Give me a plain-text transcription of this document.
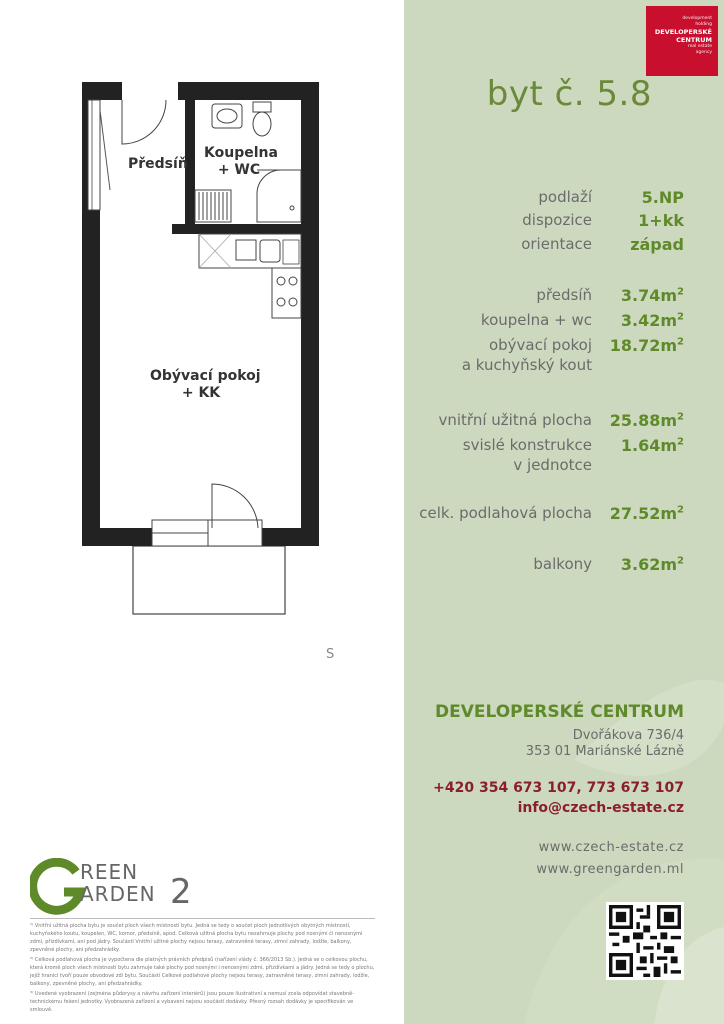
development
holding
DEVELOPERSKÉ
CENTRUM
real estate
agency
byt č. 5.8
podlaží	5.NP
dispozice	1+kk
orientace západ
předsíň $3.74m^2$
koupelna + wc $3.42m^2$
obývací pokoj
a kuchyňský kout
$18.72m^2$
vnitřní užitná plocha $25.88m^2$
svislé konstrukce
v jednotce
$1.64m^2$
celk. podlahová plocha $27.52m^2$
balkony $3.62m^2$
DEVELOPERSKÉ CENTRUM
Dvořákova 736/4
353 01 Mariánské Lázně
+420 354 673 107, 773 673 107
info@czech-estate.cz
www.czech-estate.cz
www.greengarden.ml
Předsíň
Koupelna
+ WC
Obývací pokoj
+ KK
S
REEN
ARDEN 2

¹⁾ Vnitřní užitná plocha bytu je součet ploch všech místností bytu. Jedná se tedy o součet ploch jednotlivých obytných místností, kuchyňského koutu, koupelen, WC, komor, předsíně, apod. Celková užitná plocha bytu nezahrnuje plochy pod nosnými či nenosnými zdmi, přizdívkami, ani pod jádry. Součástí Vnitřní užitné plochy nejsou terasy, zatravněné terasy, zimní zahrady, lodžie, balkony, zpevněné plochy, ani předzahrádky.

²⁾ Celková podlahová plocha je vypočtena dle platných právních předpisů (nařízení vlády č. 366/2013 Sb.). Jedná se o celkovou plochu, která kromě ploch všech místností bytu zahrnuje také plochy pod nosnými i nenosnými zdmi, přizdívkami a jádry. Jedná se tedy o plochu, jejíž hranici tvoří pouze obvodové zdi bytu. Součástí Celkové podlahové plochy nejsou terasy, zatravněné terasy, zimní zahrady, lodžie, balkony, zpevněné plochy, ani předzahrádky.

³⁾ Uvedené vyobrazení (zejména půdorysy a návrhu zařízení interiérů) jsou pouze ilustrativní a nemusí zcela odpovídat stavebně-technickému řešení jednotky. Vyobrazená zařízení a vybavení nejsou součástí dodávky. Přesný rozsah dodávky je specifikován ve smlouvě.
